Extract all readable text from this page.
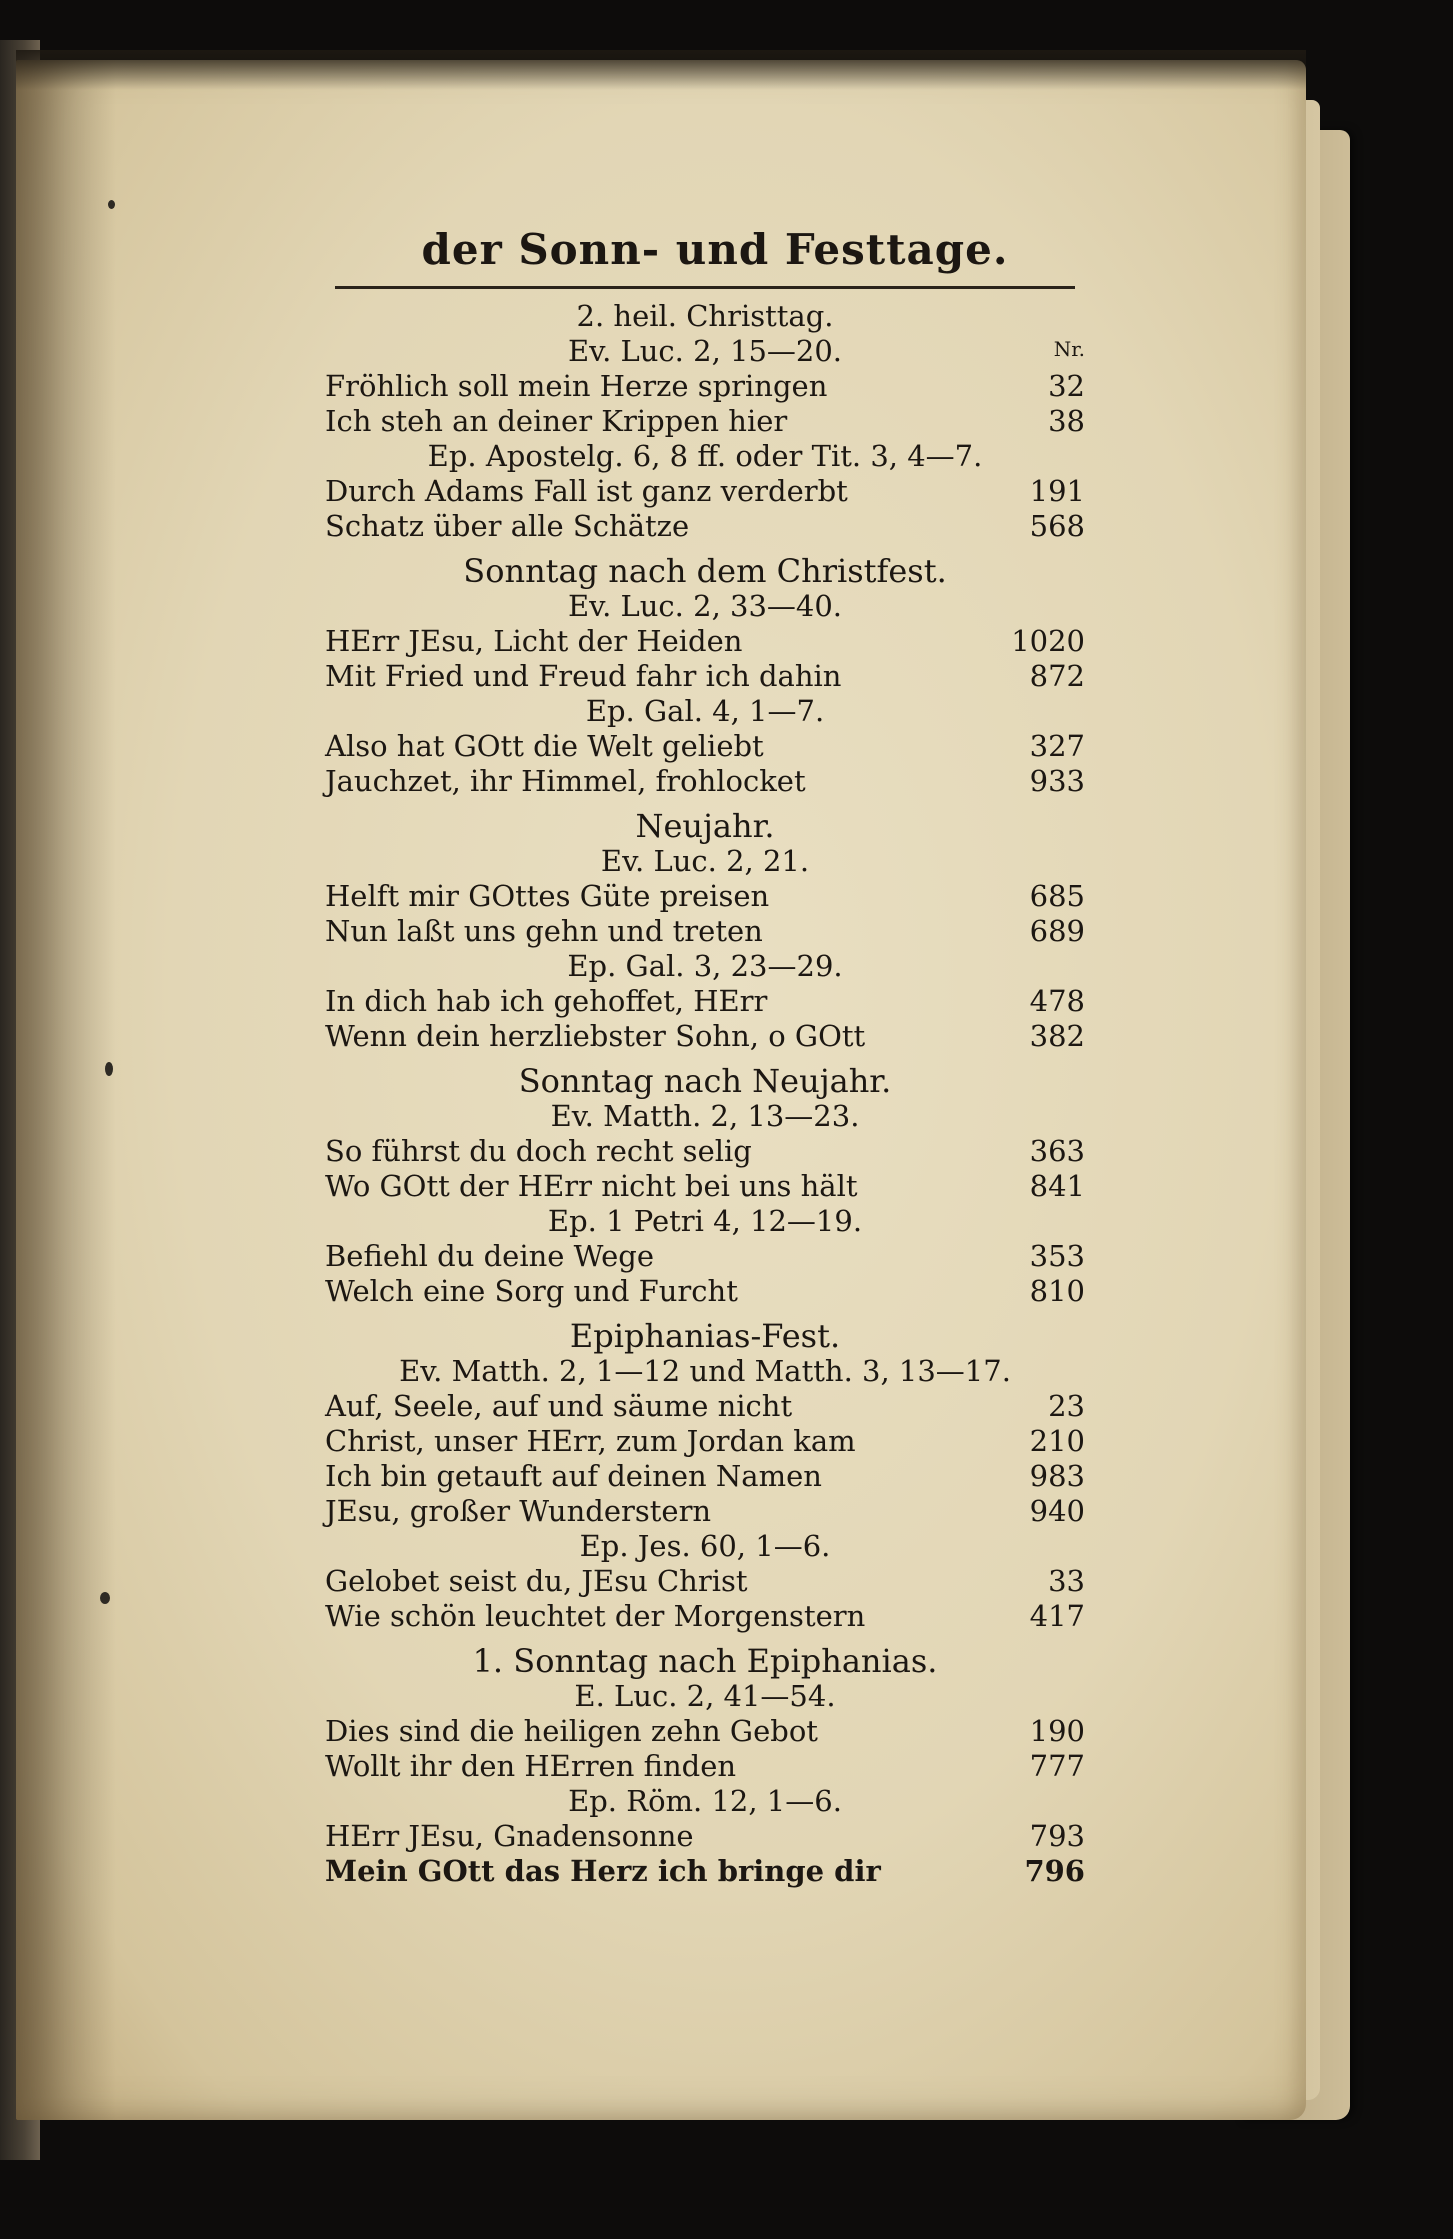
der Sonn- und Festtage.
2. heil. Christtag.
Ev. Luc. 2, 15—20.	Nr.
Fröhlich soll mein Herze springen	32
Ich steh an deiner Krippen hier	38
Ep. Apostelg. 6, 8 ff. oder Tit. 3, 4—7.
Durch Adams Fall ist ganz verderbt	191
Schatz über alle Schätze	568
Sonntag nach dem Christfest.
Ev. Luc. 2, 33—40.
HErr JEsu, Licht der Heiden	1020
Mit Fried und Freud fahr ich dahin	872
Ep. Gal. 4, 1—7.
Also hat GOtt die Welt geliebt	327
Jauchzet, ihr Himmel, frohlocket	933
Neujahr.
Ev. Luc. 2, 21.
Helft mir GOttes Güte preisen	685
Nun laßt uns gehn und treten	689
Ep. Gal. 3, 23—29.
In dich hab ich gehoffet, HErr	478
Wenn dein herzliebster Sohn, o GOtt	382
Sonntag nach Neujahr.
Ev. Matth. 2, 13—23.
So führst du doch recht selig	363
Wo GOtt der HErr nicht bei uns hält	841
Ep. 1 Petri 4, 12—19.
Befiehl du deine Wege	353
Welch eine Sorg und Furcht	810
Epiphanias-Fest.
Ev. Matth. 2, 1—12 und Matth. 3, 13—17.
Auf, Seele, auf und säume nicht	23
Christ, unser HErr, zum Jordan kam	210
Ich bin getauft auf deinen Namen	983
JEsu, großer Wunderstern	940
Ep. Jes. 60, 1—6.
Gelobet seist du, JEsu Christ	33
Wie schön leuchtet der Morgenstern	417
1. Sonntag nach Epiphanias.
E. Luc. 2, 41—54.
Dies sind die heiligen zehn Gebot	190
Wollt ihr den HErren finden	777
Ep. Röm. 12, 1—6.
HErr JEsu, Gnadensonne	793
Mein GOtt das Herz ich bringe dir	796
